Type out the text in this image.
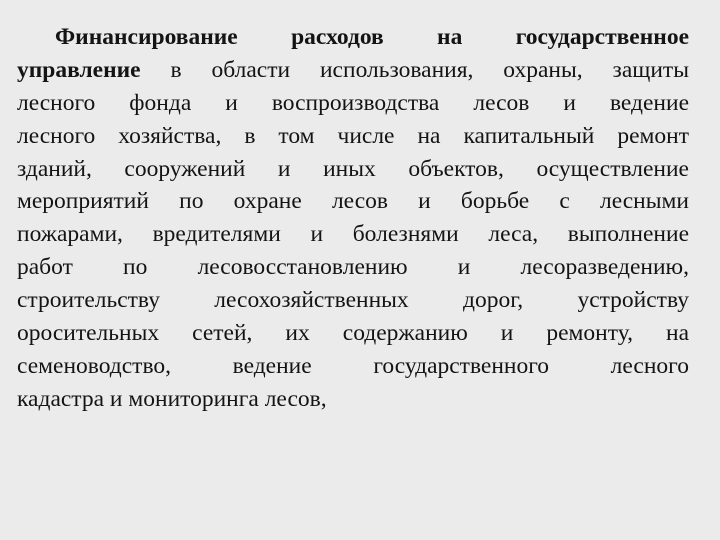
Финансирование расходов на государственное
управление в области использования, охраны, защиты
лесного фонда и воспроизводства лесов и ведение
лесного хозяйства, в том числе на капитальный ремонт
зданий, сооружений и иных объектов, осуществление
мероприятий по охране лесов и борьбе с лесными
пожарами, вредителями и болезнями леса, выполнение
работ по лесовосстановлению и лесоразведению,
строительству лесохозяйственных дорог, устройству
оросительных сетей, их содержанию и ремонту, на
семеноводство, ведение государственного лесного
кадастра и мониторинга лесов,
